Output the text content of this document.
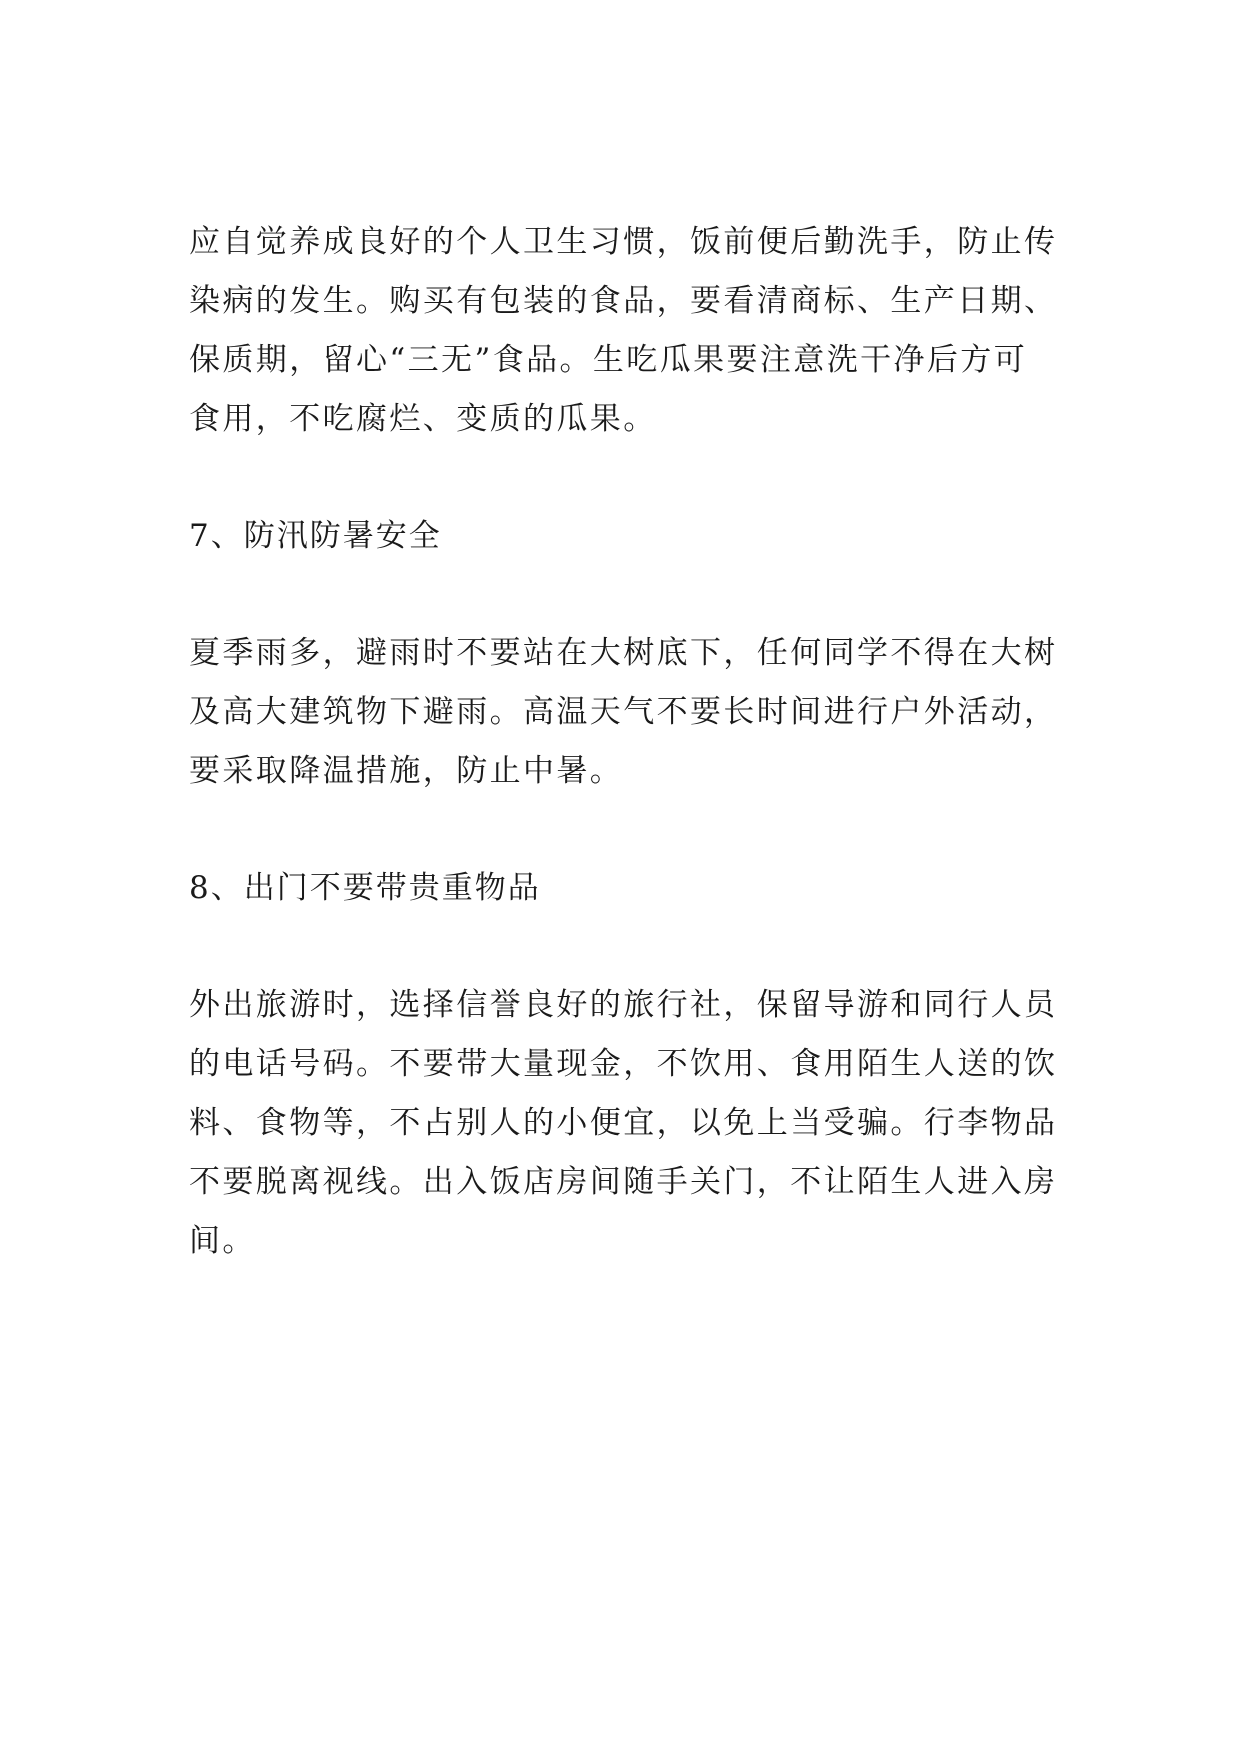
应自觉养成良好的个人卫生习惯，饭前便后勤洗手，防止传
染病的发生。购买有包装的食品，要看清商标、生产日期、
保质期，留心“三无”食品。生吃瓜果要注意洗干净后方可
食用，不吃腐烂、变质的瓜果。
7、防汛防暑安全
夏季雨多，避雨时不要站在大树底下，任何同学不得在大树
及高大建筑物下避雨。高温天气不要长时间进行户外活动，
要采取降温措施，防止中暑。
8、出门不要带贵重物品
外出旅游时，选择信誉良好的旅行社，保留导游和同行人员
的电话号码。不要带大量现金，不饮用、食用陌生人送的饮
料、食物等，不占别人的小便宜，以免上当受骗。行李物品
不要脱离视线。出入饭店房间随手关门，不让陌生人进入房
间。
